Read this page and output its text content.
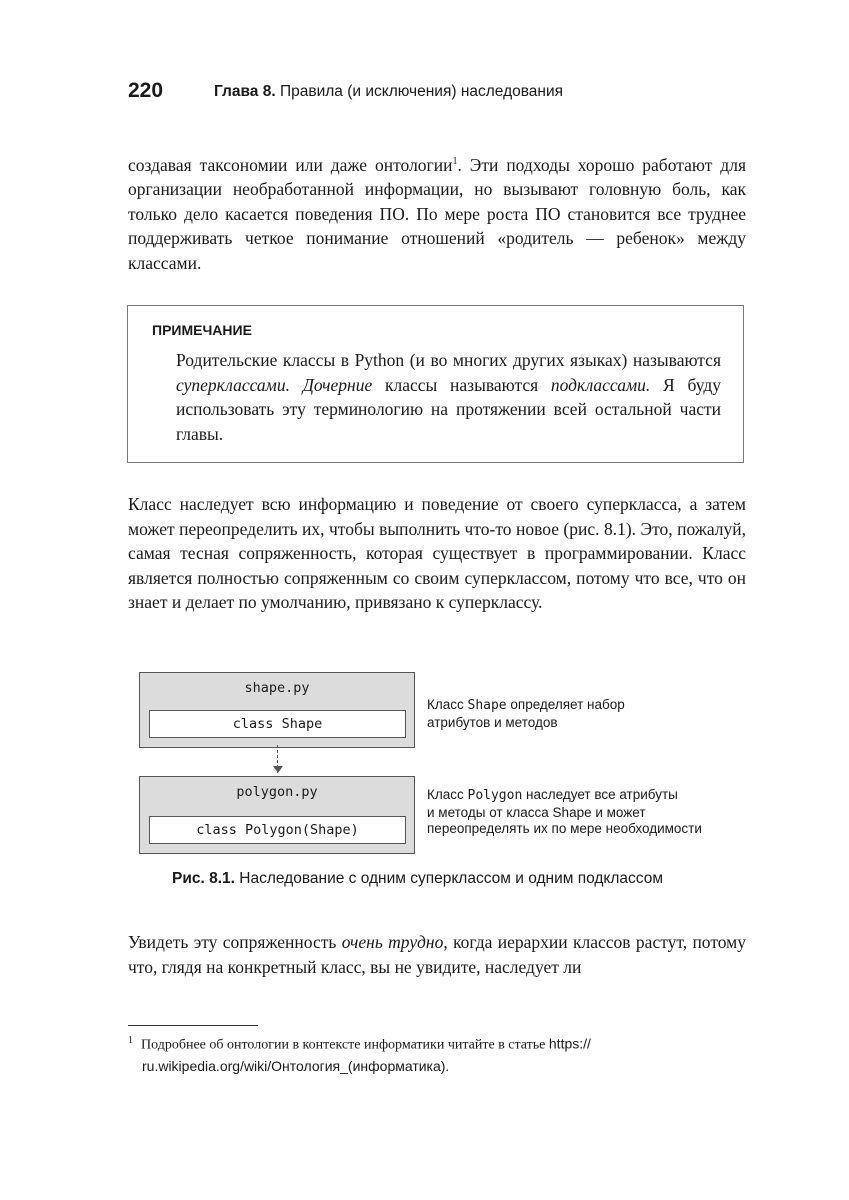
220	Глава 8. Правила (и исключения) наследования

создавая таксономии или даже онтологии$^1$. Эти подходы хорошо работают для организации необработанной информации, но вызывают головную боль, как только дело касается поведения ПО. По мере роста ПО становится все труднее поддерживать четкое понимание отношений «родитель — ребенок» между классами.

ПРИМЕЧАНИЕ

Родительские классы в Python (и во многих других языках) называются суперклассами. Дочерние классы называются подклассами. Я буду использовать эту терминологию на протяжении всей остальной части главы.

Класс наследует всю информацию и поведение от своего суперкласса, а затем может переопределить их, чтобы выполнить что-то новое (рис. 8.1). Это, пожалуй, самая тесная сопряженность, которая существует в программировании. Класс является полностью сопряженным со своим суперклассом, потому что все, что он знает и делает по умолчанию, привязано к суперклассу.

shape.py
class Shape
polygon.py
class Polygon(Shape)
Класс Shape определяет набор
атрибутов и методов
Класс Polygon наследует все атрибуты
и методы от класса Shape и может
переопределять их по мере необходимости
Рис. 8.1. Наследование с одним суперклассом и одним подклассом

Увидеть эту сопряженность очень трудно, когда иерархии классов растут, потому что, глядя на конкретный класс, вы не увидите, наследует ли

$^1$ Подробнее об онтологии в контексте информатики читайте в статье https://
ru.wikipedia.org/wiki/Онтология_(информатика).
